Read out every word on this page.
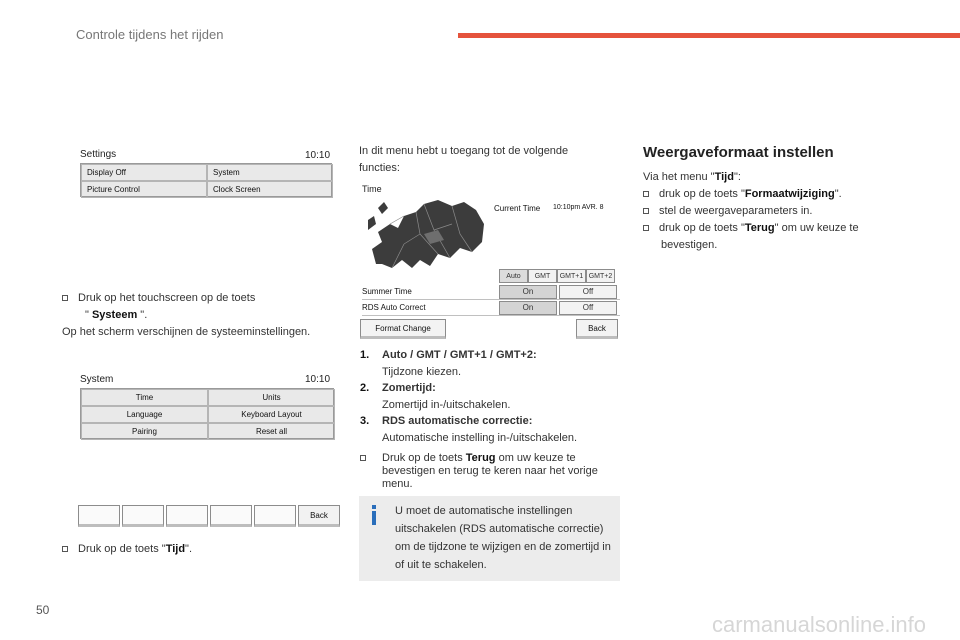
Controle tijdens het rijden
Settings	10:10
Display Off	System
Picture Control	Clock Screen
Druk op het touchscreen op de toets
" Systeem ".
Op het scherm verschijnen de systeeminstellingen.
System	10:10
Time	Units
Language	Keyboard Layout
Pairing	Reset all
Back
Druk op de toets "Tijd".
In dit menu hebt u toegang tot de volgende functies:
Time
Current Time 10:10pm AVR. 8
Auto	GMT	GMT+1 GMT+2
Summer Time	On	Off
RDS Auto Correct	On	Off
Format Change	Back
1. Auto / GMT / GMT+1 / GMT+2:
Tijdzone kiezen.
2. Zomertijd:
Zomertijd in-/uitschakelen.
3. RDS automatische correctie:
Automatische instelling in-/uitschakelen.
Druk op de toets Terug om uw keuze te bevestigen en terug te keren naar het vorige menu.
U moet de automatische instellingen uitschakelen (RDS automatische correctie) om de tijdzone te wijzigen en de zomertijd in of uit te schakelen.
Weergaveformaat instellen
Via het menu "Tijd":
druk op de toets "Formaatwijziging".
stel de weergaveparameters in.
druk op de toets "Terug" om uw keuze te bevestigen.
50
carmanualsonline.info
